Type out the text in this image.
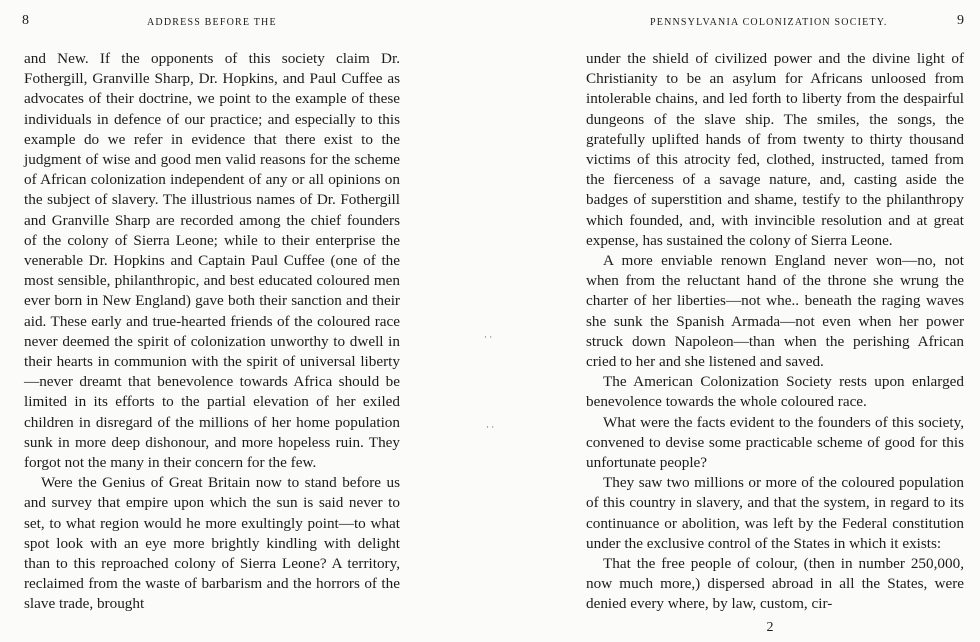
8	ADDRESS BEFORE THE

and New. If the opponents of this society claim Dr. Fothergill, Granville Sharp, Dr. Hopkins, and Paul Cuffee as advocates of their doctrine, we point to the example of these individuals in defence of our practice; and especially to this example do we refer in evidence that there exist to the judgment of wise and good men valid reasons for the scheme of African colonization independent of any or all opinions on the subject of slavery. The illustrious names of Dr. Fothergill and Granville Sharp are recorded among the chief founders of the colony of Sierra Leone; while to their enterprise the venerable Dr. Hopkins and Captain Paul Cuffee (one of the most sensible, philanthropic, and best educated coloured men ever born in New England) gave both their sanction and their aid. These early and true-hearted friends of the coloured race never deemed the spirit of colonization unworthy to dwell in their hearts in communion with the spirit of universal liberty—never dreamt that benevolence towards Africa should be limited in its efforts to the partial elevation of her exiled children in disregard of the millions of her home population sunk in more deep dishonour, and more hopeless ruin. They forgot not the many in their concern for the few.

Were the Genius of Great Britain now to stand before us and survey that empire upon which the sun is said never to set, to what region would he more exultingly point—to what spot look with an eye more brightly kindling with delight than to this reproached colony of Sierra Leone? A territory, reclaimed from the waste of barbarism and the horrors of the slave trade, brought

PENNSYLVANIA COLONIZATION SOCIETY.	9

under the shield of civilized power and the divine light of Christianity to be an asylum for Africans unloosed from intolerable chains, and led forth to liberty from the despairful dungeons of the slave ship. The smiles, the songs, the gratefully uplifted hands of from twenty to thirty thousand victims of this atrocity fed, clothed, instructed, tamed from the fierceness of a savage nature, and, casting aside the badges of superstition and shame, testify to the philanthropy which founded, and, with invincible resolution and at great expense, has sustained the colony of Sierra Leone.

A more enviable renown England never won—no, not when from the reluctant hand of the throne she wrung the charter of her liberties—not whe.. beneath the raging waves she sunk the Spanish Armada—not even when her power struck down Napoleon—than when the perishing African cried to her and she listened and saved.

The American Colonization Society rests upon enlarged benevolence towards the whole coloured race.

What were the facts evident to the founders of this society, convened to devise some practicable scheme of good for this unfortunate people?

They saw two millions or more of the coloured population of this country in slavery, and that the system, in regard to its continuance or abolition, was left by the Federal constitution under the exclusive control of the States in which it exists:

That the free people of colour, (then in number 250,000, now much more,) dispersed abroad in all the States, were denied every where, by law, custom, cir-

2
· ·
· ·
